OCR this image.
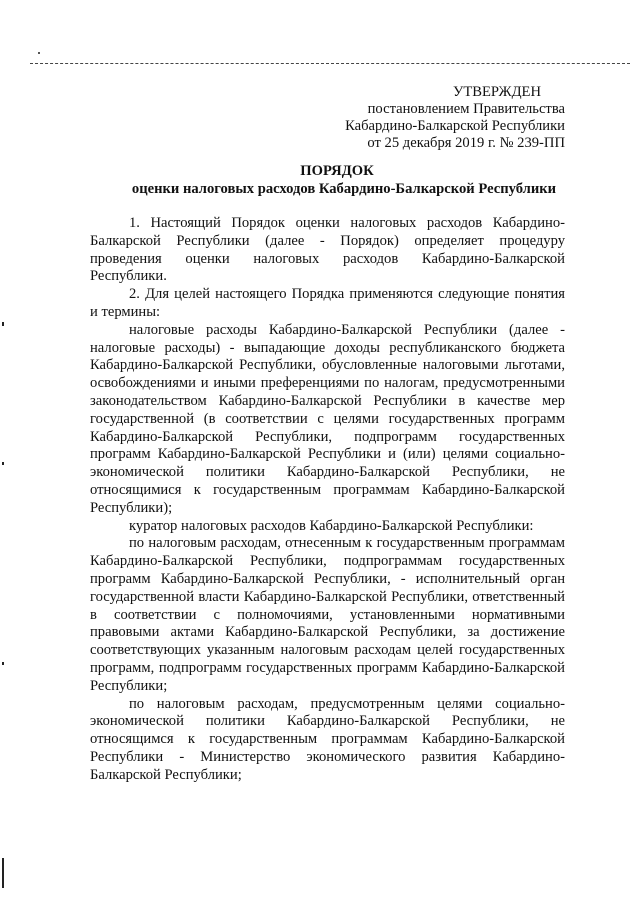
УТВЕРЖДЕН
постановлением Правительства
Кабардино-Балкарской Республики
от 25 декабря 2019 г. № 239-ПП
ПОРЯДОК
оценки налоговых расходов Кабардино-Балкарской Республики

1. Настоящий Порядок оценки налоговых расходов Кабардино-Балкарской Республики (далее - Порядок) определяет процедуру проведения оценки налоговых расходов Кабардино-Балкарской Республики.

2. Для целей настоящего Порядка применяются следующие понятия и термины:

налоговые расходы Кабардино-Балкарской Республики (далее - налоговые расходы) - выпадающие доходы республиканского бюджета Кабардино-Балкарской Республики, обусловленные налоговыми льготами, освобождениями и иными преференциями по налогам, предусмотренными законодательством Кабардино-Балкарской Республики в качестве мер государственной (в соответствии с целями государственных программ Кабардино-Балкарской Республики, подпрограмм государственных программ Кабардино-Балкарской Республики и (или) целями социально-экономической политики Кабардино-Балкарской Республики, не относящимися к государственным программам Кабардино-Балкарской Республики);

куратор налоговых расходов Кабардино-Балкарской Республики:

по налоговым расходам, отнесенным к государственным программам Кабардино-Балкарской Республики, подпрограммам государственных программ Кабардино-Балкарской Республики, - исполнительный орган государственной власти Кабардино-Балкарской Республики, ответственный в соответствии с полномочиями, установленными нормативными правовыми актами Кабардино-Балкарской Республики, за достижение соответствующих указанным налоговым расходам целей государственных программ, подпрограмм государственных программ Кабардино-Балкарской Республики;

по налоговым расходам, предусмотренным целями социально-экономической политики Кабардино-Балкарской Республики, не относящимся к государственным программам Кабардино-Балкарской Республики - Министерство экономического развития Кабардино-Балкарской Республики;
